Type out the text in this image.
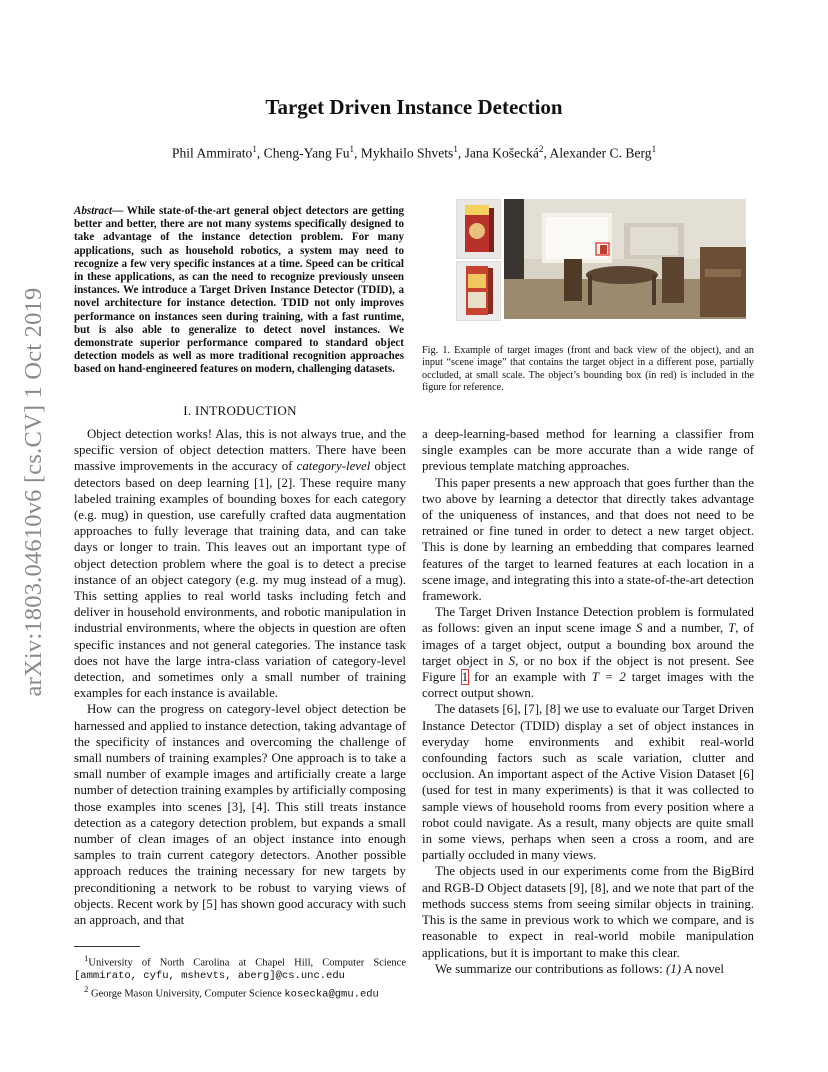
arXiv:1803.04610v6 [cs.CV] 1 Oct 2019
Target Driven Instance Detection
Phil Ammirato$^1$, Cheng-Yang Fu$^1$, Mykhailo Shvets$^1$, Jana Košecká$^2$, Alexander C. Berg$^1$
Abstract— While state-of-the-art general object detectors are getting better and better, there are not many systems specifically designed to take advantage of the instance detection problem. For many applications, such as household robotics, a system may need to recognize a few very specific instances at a time. Speed can be critical in these applications, as can the need to recognize previously unseen instances. We introduce a Target Driven Instance Detector (TDID), a novel architecture for instance detection. TDID not only improves performance on instances seen during training, with a fast runtime, but is also able to generalize to detect novel instances. We demonstrate superior performance compared to standard object detection models as well as more traditional recognition approaches based on hand-engineered features on modern, challenging datasets.
Fig. 1. Example of target images (front and back view of the object), and an input “scene image” that contains the target object in a different pose, partially occluded, at small scale. The object’s bounding box (in red) is included in the figure for reference.
I. INTRODUCTION

Object detection works! Alas, this is not always true, and the specific version of object detection matters. There have been massive improvements in the accuracy of category-level object detectors based on deep learning [1], [2]. These require many labeled training examples of bounding boxes for each category (e.g. mug) in question, use carefully crafted data augmentation approaches to fully leverage that training data, and can take days or longer to train. This leaves out an important type of object detection problem where the goal is to detect a precise instance of an object category (e.g. my mug instead of a mug). This setting applies to real world tasks including fetch and deliver in household environments, and robotic manipulation in industrial environments, where the objects in question are often specific instances and not general categories. The instance task does not have the large intra-class variation of category-level detection, and sometimes only a small number of training examples for each instance is available.

How can the progress on category-level object detection be harnessed and applied to instance detection, taking advantage of the specificity of instances and overcoming the challenge of small numbers of training examples? One approach is to take a small number of example images and artificially create a large number of detection training examples by artificially composing those examples into scenes [3], [4]. This still treats instance detection as a category detection problem, but expands a small number of clean images of an object instance into enough samples to train current category detectors. Another possible approach reduces the training necessary for new targets by preconditioning a network to be robust to varying views of objects. Recent work by [5] has shown good accuracy with such an approach, and that

$^1$University of North Carolina at Chapel Hill, Computer Science [ammirato, cyfu, mshevts, aberg]@cs.unc.edu
$^2$ George Mason University, Computer Science kosecka@gmu.edu

a deep-learning-based method for learning a classifier from single examples can be more accurate than a wide range of previous template matching approaches.

This paper presents a new approach that goes further than the two above by learning a detector that directly takes advantage of the uniqueness of instances, and that does not need to be retrained or fine tuned in order to detect a new target object. This is done by learning an embedding that compares learned features of the target to learned features at each location in a scene image, and integrating this into a state-of-the-art detection framework.

The Target Driven Instance Detection problem is formulated as follows: given an input scene image S and a number, T, of images of a target object, output a bounding box around the target object in S, or no box if the object is not present. See Figure 1 for an example with T = 2 target images with the correct output shown.

The datasets [6], [7], [8] we use to evaluate our Target Driven Instance Detector (TDID) display a set of object instances in everyday home environments and exhibit real-world confounding factors such as scale variation, clutter and occlusion. An important aspect of the Active Vision Dataset [6] (used for test in many experiments) is that it was collected to sample views of household rooms from every position where a robot could navigate. As a result, many objects are quite small in some views, perhaps when seen a cross a room, and are partially occluded in many views.

The objects used in our experiments come from the BigBird and RGB-D Object datasets [9], [8], and we note that part of the methods success stems from seeing similar objects in training. This is the same in previous work to which we compare, and is reasonable to expect in real-world mobile manipulation applications, but it is important to make this clear.

We summarize our contributions as follows: (1) A novel
